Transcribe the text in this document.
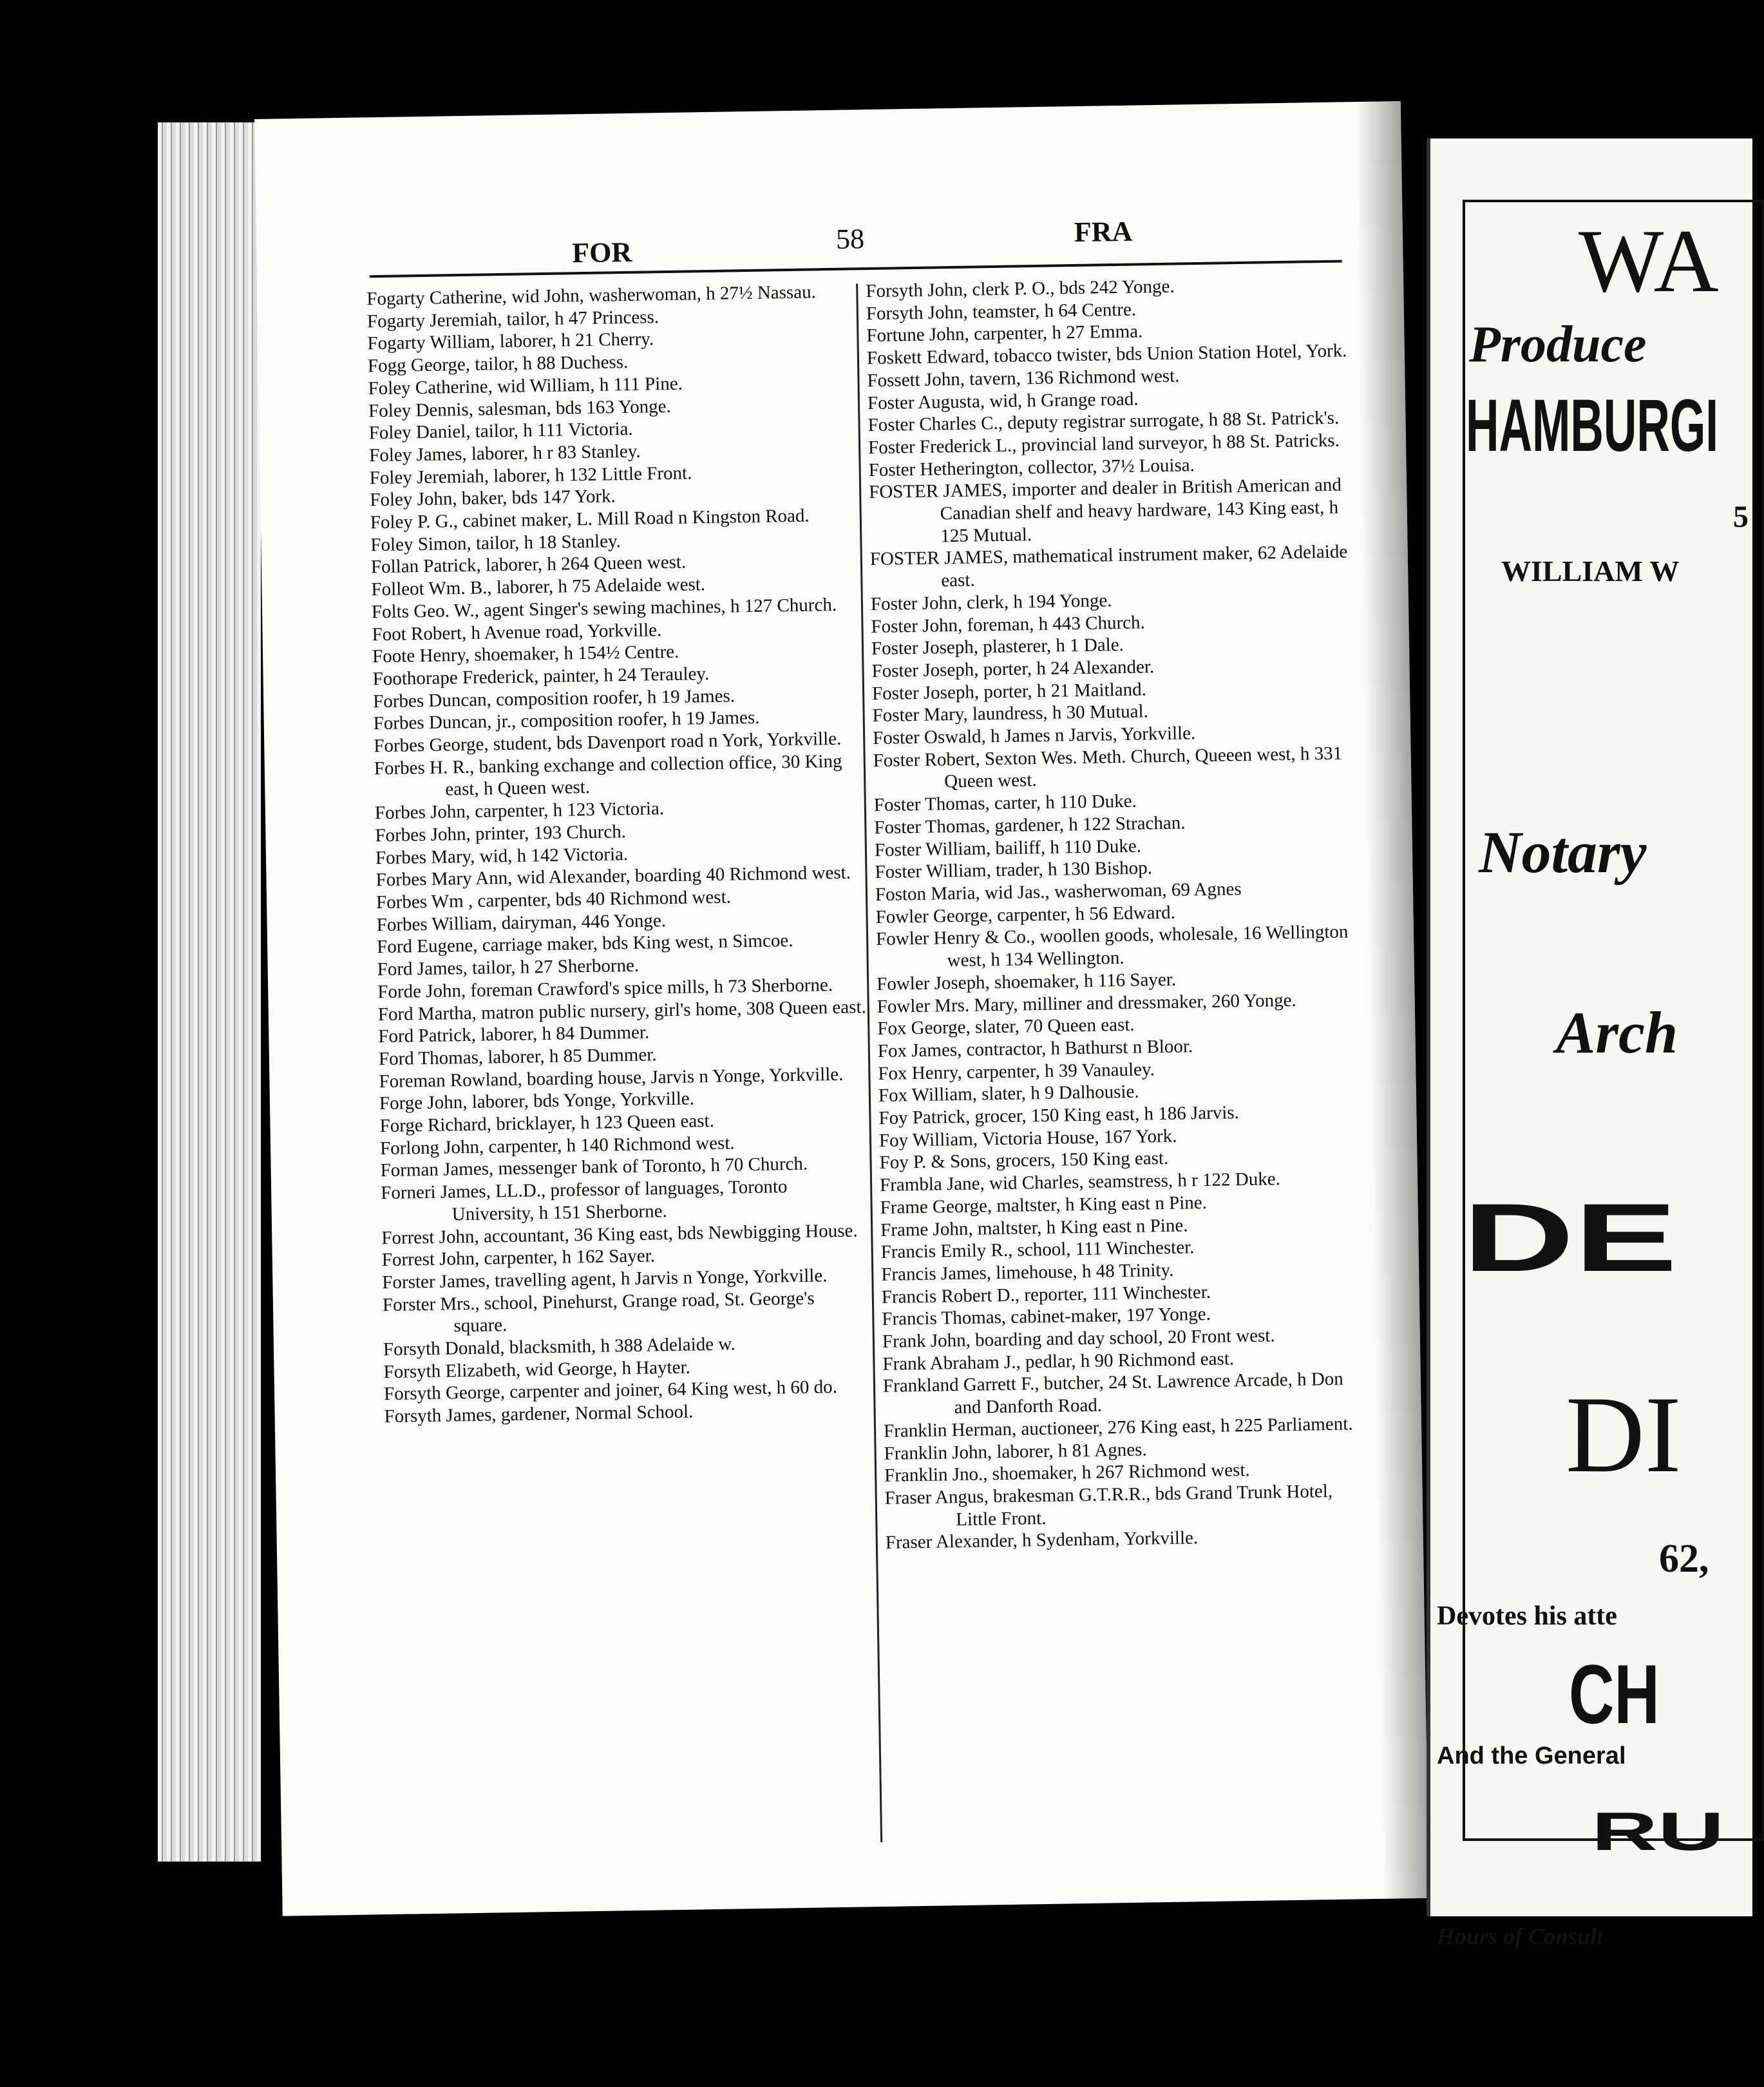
FOR	58	FRA
Fogarty Catherine, wid John, washerwoman, h 27½ Nassau.
Fogarty Jeremiah, tailor, h 47 Princess.
Fogarty William, laborer, h 21 Cherry.
Fogg George, tailor, h 88 Duchess.
Foley Catherine, wid William, h 111 Pine.
Foley Dennis, salesman, bds 163 Yonge.
Foley Daniel, tailor, h 111 Victoria.
Foley James, laborer, h r 83 Stanley.
Foley Jeremiah, laborer, h 132 Little Front.
Foley John, baker, bds 147 York.
Foley P. G., cabinet maker, L. Mill Road n Kingston Road.
Foley Simon, tailor, h 18 Stanley.
Follan Patrick, laborer, h 264 Queen west.
Folleot Wm. B., laborer, h 75 Adelaide west.
Folts Geo. W., agent Singer's sewing machines, h 127 Church.
Foot Robert, h Avenue road, Yorkville.
Foote Henry, shoemaker, h 154½ Centre.
Foothorape Frederick, painter, h 24 Terauley.
Forbes Duncan, composition roofer, h 19 James.
Forbes Duncan, jr., composition roofer, h 19 James.
Forbes George, student, bds Davenport road n York, Yorkville.
Forbes H. R., banking exchange and collection office, 30 King east, h Queen west.
Forbes John, carpenter, h 123 Victoria.
Forbes John, printer, 193 Church.
Forbes Mary, wid, h 142 Victoria.
Forbes Mary Ann, wid Alexander, boarding 40 Richmond west.
Forbes Wm , carpenter, bds 40 Richmond west.
Forbes William, dairyman, 446 Yonge.
Ford Eugene, carriage maker, bds King west, n Simcoe.
Ford James, tailor, h 27 Sherborne.
Forde John, foreman Crawford's spice mills, h 73 Sherborne.
Ford Martha, matron public nursery, girl's home, 308 Queen east.
Ford Patrick, laborer, h 84 Dummer.
Ford Thomas, laborer, h 85 Dummer.
Foreman Rowland, boarding house, Jarvis n Yonge, Yorkville.
Forge John, laborer, bds Yonge, Yorkville.
Forge Richard, bricklayer, h 123 Queen east.
Forlong John, carpenter, h 140 Richmond west.
Forman James, messenger bank of Toronto, h 70 Church.
Forneri James, LL.D., professor of languages, Toronto University, h 151 Sherborne.
Forrest John, accountant, 36 King east, bds Newbigging House.
Forrest John, carpenter, h 162 Sayer.
Forster James, travelling agent, h Jarvis n Yonge, Yorkville.
Forster Mrs., school, Pinehurst, Grange road, St. George's square.
Forsyth Donald, blacksmith, h 388 Adelaide w.
Forsyth Elizabeth, wid George, h Hayter.
Forsyth George, carpenter and joiner, 64 King west, h 60 do.
Forsyth James, gardener, Normal School.
Forsyth John, clerk P. O., bds 242 Yonge.
Forsyth John, teamster, h 64 Centre.
Fortune John, carpenter, h 27 Emma.
Foskett Edward, tobacco twister, bds Union Station Hotel, York.
Fossett John, tavern, 136 Richmond west.
Foster Augusta, wid, h Grange road.
Foster Charles C., deputy registrar surrogate, h 88 St. Patrick's.
Foster Frederick L., provincial land surveyor, h 88 St. Patricks.
Foster Hetherington, collector, 37½ Louisa.
FOSTER JAMES, importer and dealer in British American and Canadian shelf and heavy hardware, 143 King east, h 125 Mutual.
FOSTER JAMES, mathematical instrument maker, 62 Adelaide east.
Foster John, clerk, h 194 Yonge.
Foster John, foreman, h 443 Church.
Foster Joseph, plasterer, h 1 Dale.
Foster Joseph, porter, h 24 Alexander.
Foster Joseph, porter, h 21 Maitland.
Foster Mary, laundress, h 30 Mutual.
Foster Oswald, h James n Jarvis, Yorkville.
Foster Robert, Sexton Wes. Meth. Church, Queeen west, h 331 Queen west.
Foster Thomas, carter, h 110 Duke.
Foster Thomas, gardener, h 122 Strachan.
Foster William, bailiff, h 110 Duke.
Foster William, trader, h 130 Bishop.
Foston Maria, wid Jas., washerwoman, 69 Agnes
Fowler George, carpenter, h 56 Edward.
Fowler Henry & Co., woollen goods, wholesale, 16 Wellington west, h 134 Wellington.
Fowler Joseph, shoemaker, h 116 Sayer.
Fowler Mrs. Mary, milliner and dressmaker, 260 Yonge.
Fox George, slater, 70 Queen east.
Fox James, contractor, h Bathurst n Bloor.
Fox Henry, carpenter, h 39 Vanauley.
Fox William, slater, h 9 Dalhousie.
Foy Patrick, grocer, 150 King east, h 186 Jarvis.
Foy William, Victoria House, 167 York.
Foy P. & Sons, grocers, 150 King east.
Frambla Jane, wid Charles, seamstress, h r 122 Duke.
Frame George, maltster, h King east n Pine.
Frame John, maltster, h King east n Pine.
Francis Emily R., school, 111 Winchester.
Francis James, limehouse, h 48 Trinity.
Francis Robert D., reporter, 111 Winchester.
Francis Thomas, cabinet-maker, 197 Yonge.
Frank John, boarding and day school, 20 Front west.
Frank Abraham J., pedlar, h 90 Richmond east.
Frankland Garrett F., butcher, 24 St. Lawrence Arcade, h Don and Danforth Road.
Franklin Herman, auctioneer, 276 King east, h 225 Parliament.
Franklin John, laborer, h 81 Agnes.
Franklin Jno., shoemaker, h 267 Richmond west.
Fraser Angus, brakesman G.T.R.R., bds Grand Trunk Hotel, Little Front.
Fraser Alexander, h Sydenham, Yorkville.
WA
Produce
HAMBURGI
5
WILLIAM W
Notary
Arch
DE
DI
62,
Devotes his atte
CH
And the General
RU
Hours of Consult
